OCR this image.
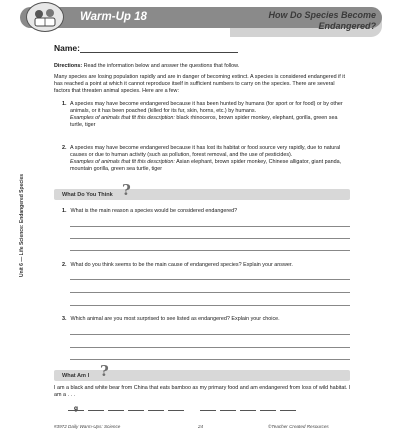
Warm-Up 18	How Do Species Become
Endangered?
Unit 6 — Life Science: Endangered Species
Name:
Directions: Read the information below and answer the questions that follow.
Many species are losing population rapidly and are in danger of becoming extinct. A species is considered endangered if it has reached a point at which it cannot reproduce itself in sufficient numbers to carry on the species. There are several factors that threaten animal species. Here are a few:
1. A species may have become endangered because it has been hunted by humans (for sport or for food) or by other animals, or it has been poached (killed for its fur, skin, horns, etc.) by humans.
Examples of animals that fit this description: black rhinoceros, brown spider monkey, elephant, gorilla, green sea turtle, tiger
2. A species may have become endangered because it has lost its habitat or food source very rapidly, due to natural causes or due to human activity (such as pollution, forest removal, and the use of pesticides).
Examples of animals that fit this description: Asian elephant, brown spider monkey, Chinese alligator, giant panda, mountain gorilla, green sea turtle, tiger
What Do You Think ?
1. What is the main reason a species would be considered endangered?
2. What do you think seems to be the main cause of endangered species? Explain your answer.
3. Which animal are you most surprised to see listed as endangered? Explain your choice.
What Am I ?
I am a black and white bear from China that eats bamboo as my primary food and am endangered from loss of wild habitat. I am a . . .
g
#3972 Daily Warm-Ups: Science	24	©Teacher Created Resources
